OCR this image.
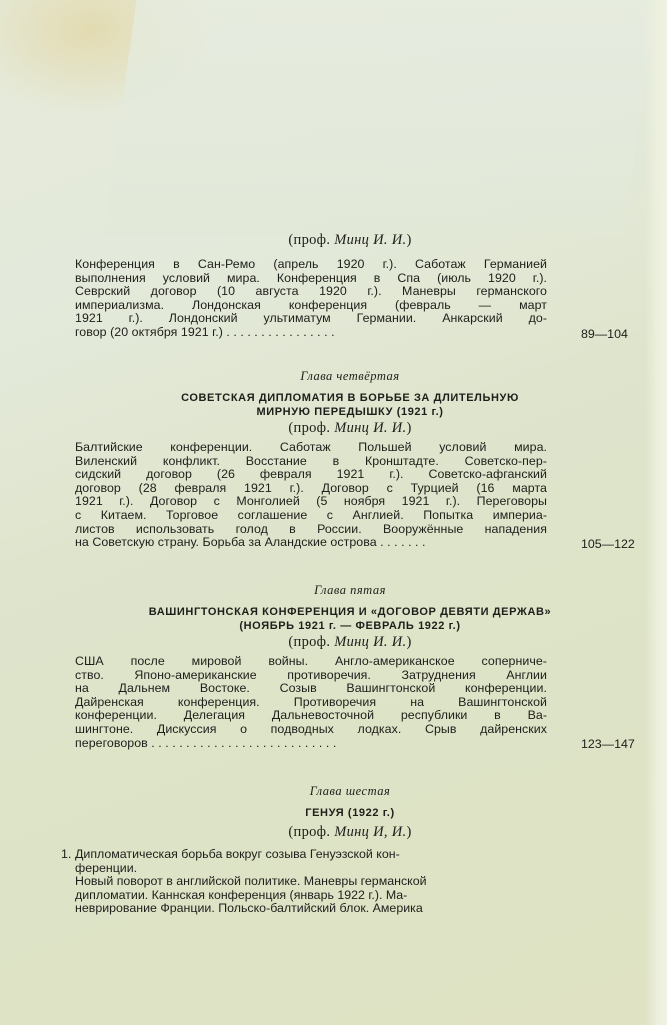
(проф. Минц И. И.)
Конференция в Сан-Ремо (апрель 1920 г.). Саботаж Германией
выполнения условий мира. Конференция в Спа (июль 1920 г.).
Севрский договор (10 августа 1920 г.). Маневры германского
империализма. Лондонская конференция (февраль — март
1921 г.). Лондонский ультиматум Германии. Анкарский до-
говор (20 октября 1921 г.) . . . . . . . . . . . . . . . .	89—104
Глава четвёртая
СОВЕТСКАЯ ДИПЛОМАТИЯ В БОРЬБЕ ЗА ДЛИТЕЛЬНУЮ
МИРНУЮ ПЕРЕДЫШКУ (1921 г.)
(проф. Минц И. И.)
Балтийские конференции. Саботаж Польшей условий мира.
Виленский конфликт. Восстание в Кронштадте. Советско-пер-
сидский договор (26 февраля 1921 г.). Советско-афганский
договор (28 февраля 1921 г.). Договор с Турцией (16 марта
1921 г.). Договор с Монголией (5 ноября 1921 г.). Переговоры
с Китаем. Торговое соглашение с Англией. Попытка империа-
листов использовать голод в России. Вооружённые нападения
на Советскую страну. Борьба за Аландские острова . . . . . . .	105—122
Глава пятая
ВАШИНГТОНСКАЯ КОНФЕРЕНЦИЯ И «ДОГОВОР ДЕВЯТИ ДЕРЖАВ»
(НОЯБРЬ 1921 г. — ФЕВРАЛЬ 1922 г.)
(проф. Минц И. И.)
США после мировой войны. Англо-американское соперниче-
ство. Японо-американские противоречия. Затруднения Англии
на Дальнем Востоке. Созыв Вашингтонской конференции.
Дайренская конференция. Противоречия на Вашингтонской
конференции. Делегация Дальневосточной республики в Ва-
шингтоне. Дискуссия о подводных лодках. Срыв дайренских
переговоров . . . . . . . . . . . . . . . . . . . . . . . . . . .	123—147
Глава шестая
ГЕНУЯ (1922 г.)
(проф. Минц И, И.)
1. Дипломатическая борьба вокруг созыва Генуэзской кон-
ференции.
Новый поворот в английской политике. Маневры германской
дипломатии. Каннская конференция (январь 1922 г.). Ма-
неврирование Франции. Польско-балтийский блок. Америка
